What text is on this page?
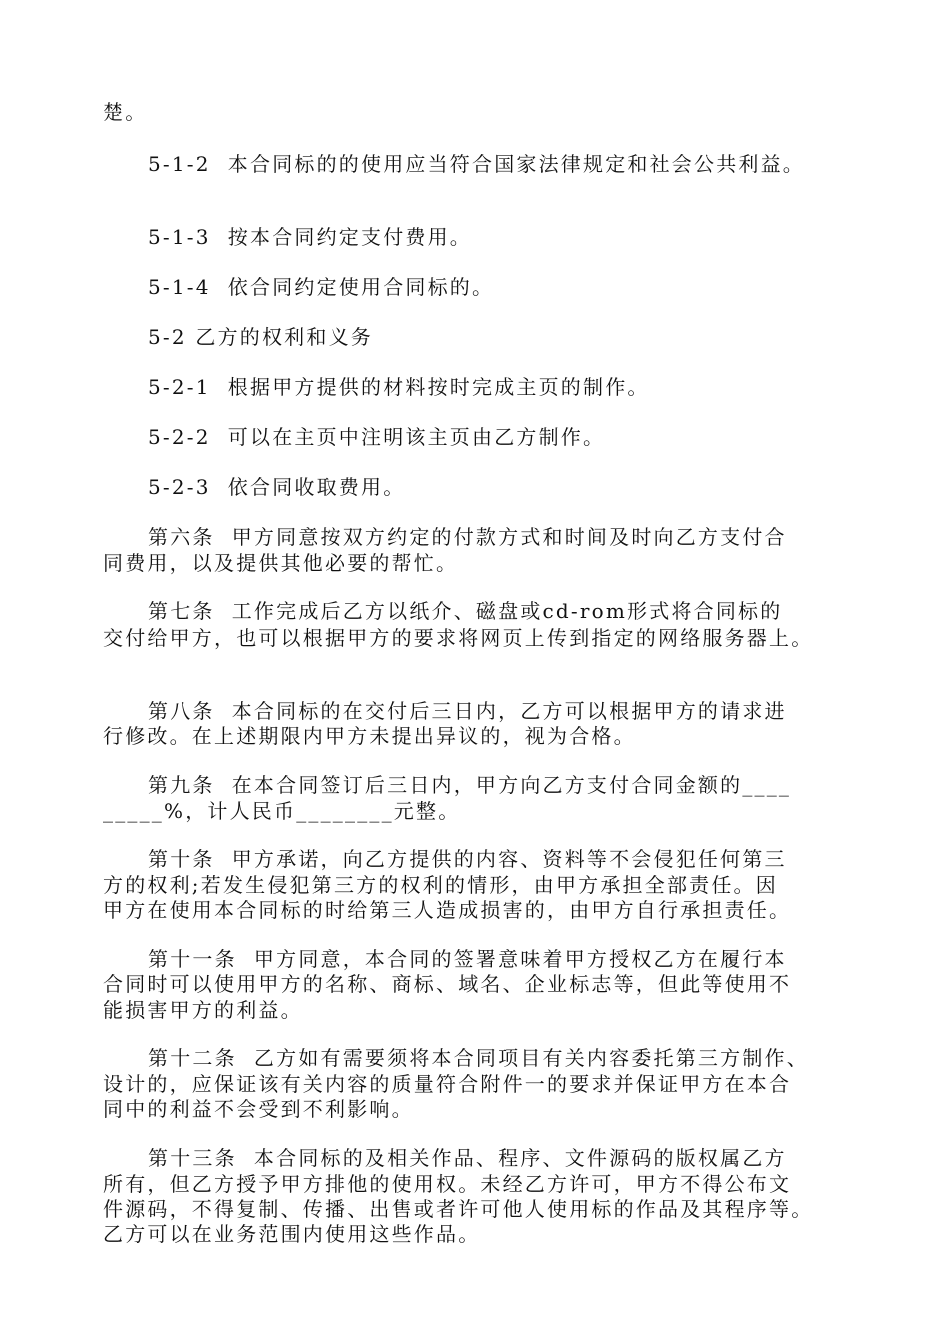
楚。
5-1-2  本合同标的的使用应当符合国家法律规定和社会公共利益。
5-1-3  按本合同约定支付费用。
5-1-4  依合同约定使用合同标的。
5-2 乙方的权利和义务
5-2-1  根据甲方提供的材料按时完成主页的制作。
5-2-2  可以在主页中注明该主页由乙方制作。
5-2-3  依合同收取费用。
第六条  甲方同意按双方约定的付款方式和时间及时向乙方支付合
同费用，以及提供其他必要的帮忙。
第七条  工作完成后乙方以纸介、磁盘或cd-rom形式将合同标的
交付给甲方，也可以根据甲方的要求将网页上传到指定的网络服务器上。
第八条  本合同标的在交付后三日内，乙方可以根据甲方的请求进
行修改。在上述期限内甲方未提出异议的，视为合格。
第九条  在本合同签订后三日内，甲方向乙方支付合同金额的____
_____%，计人民币________元整。
第十条  甲方承诺，向乙方提供的内容、资料等不会侵犯任何第三
方的权利;若发生侵犯第三方的权利的情形，由甲方承担全部责任。因
甲方在使用本合同标的时给第三人造成损害的，由甲方自行承担责任。
第十一条  甲方同意，本合同的签署意味着甲方授权乙方在履行本
合同时可以使用甲方的名称、商标、域名、企业标志等，但此等使用不
能损害甲方的利益。
第十二条  乙方如有需要须将本合同项目有关内容委托第三方制作、
设计的，应保证该有关内容的质量符合附件一的要求并保证甲方在本合
同中的利益不会受到不利影响。
第十三条  本合同标的及相关作品、程序、文件源码的版权属乙方
所有，但乙方授予甲方排他的使用权。未经乙方许可，甲方不得公布文
件源码，不得复制、传播、出售或者许可他人使用标的作品及其程序等。
乙方可以在业务范围内使用这些作品。
